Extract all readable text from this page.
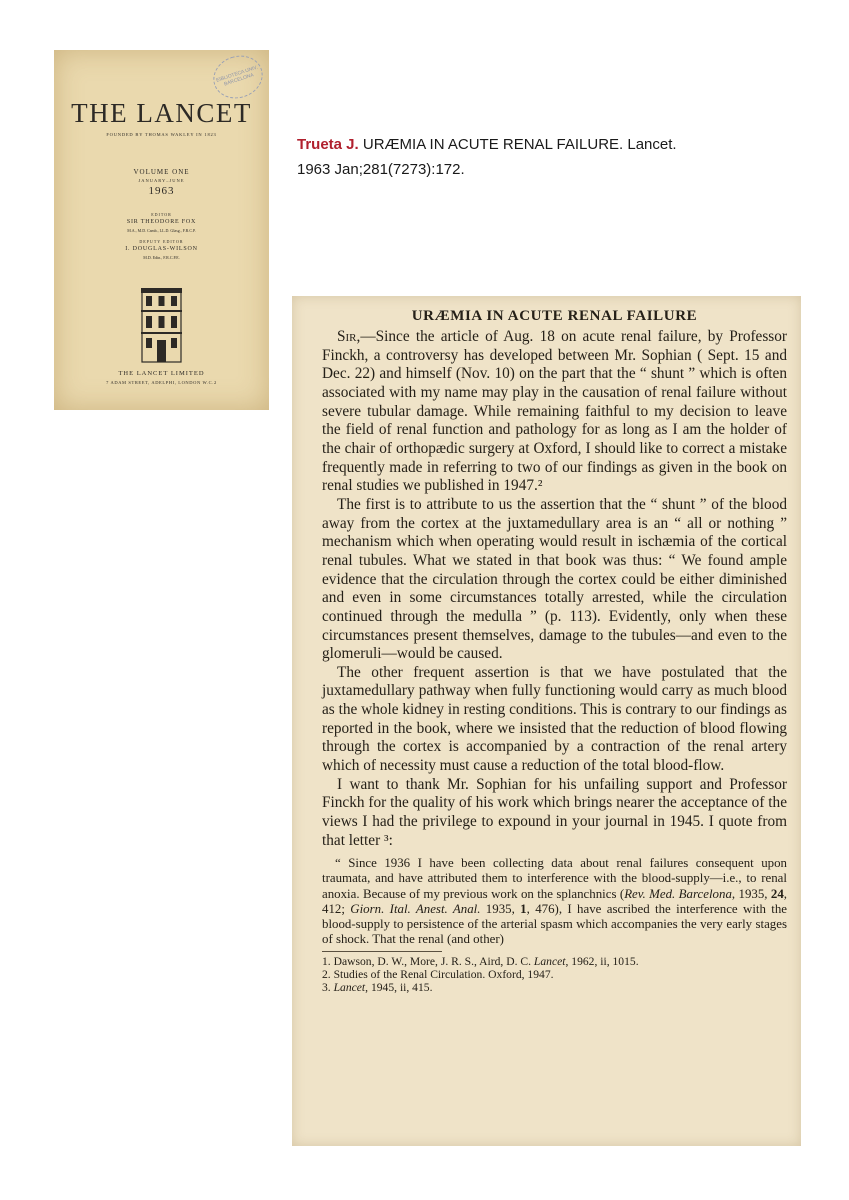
EIBLIOTECA UNIV. BARCELONA
THE LANCET
FOUNDED BY THOMAS WAKLEY IN 1823
VOLUME ONE
JANUARY–JUNE
1963
EDITOR
SIR THEODORE FOX
M.A., M.D. Camb., LL.D. Glasg., F.R.C.P.
DEPUTY EDITOR
I. DOUGLAS-WILSON
M.D. Edin., F.R.C.P.E.
THE LANCET LIMITED
7 ADAM STREET, ADELPHI, LONDON W.C.2
Trueta J. URÆMIA IN ACUTE RENAL FAILURE. Lancet.
1963 Jan;281(7273):172.
URÆMIA IN ACUTE RENAL FAILURE

Sir,—Since the article of Aug. 18 on acute renal failure, by Professor Finckh, a controversy has developed between Mr. Sophian ( Sept. 15 and Dec. 22) and himself (Nov. 10) on the part that the “ shunt ” which is often associated with my name may play in the causation of renal failure without severe tubular damage. While remaining faithful to my decision to leave the field of renal function and pathology for as long as I am the holder of the chair of orthopædic surgery at Oxford, I should like to correct a mistake frequently made in referring to two of our findings as given in the book on renal studies we published in 1947.²

The first is to attribute to us the assertion that the “ shunt ” of the blood away from the cortex at the juxtamedullary area is an “ all or nothing ” mechanism which when operating would result in ischæmia of the cortical renal tubules. What we stated in that book was thus: “ We found ample evidence that the circulation through the cortex could be either diminished and even in some circumstances totally arrested, while the circulation continued through the medulla ” (p. 113). Evidently, only when these circumstances present themselves, damage to the tubules—and even to the glomeruli—would be caused.

The other frequent assertion is that we have postulated that the juxtamedullary pathway when fully functioning would carry as much blood as the whole kidney in resting conditions. This is contrary to our findings as reported in the book, where we insisted that the reduction of blood flowing through the cortex is accompanied by a contraction of the renal artery which of necessity must cause a reduction of the total blood-flow.

I want to thank Mr. Sophian for his unfailing support and Professor Finckh for the quality of his work which brings nearer the acceptance of the views I had the privilege to expound in your journal in 1945. I quote from that letter ³:

“ Since 1936 I have been collecting data about renal failures consequent upon traumata, and have attributed them to interference with the blood-supply—i.e., to renal anoxia. Because of my previous work on the splanchnics (Rev. Med. Barcelona, 1935, 24, 412; Giorn. Ital. Anest. Anal. 1935, 1, 476), I have ascribed the interference with the blood-supply to persistence of the arterial spasm which accompanies the very early stages of shock. That the renal (and other)

1. Dawson, D. W., More, J. R. S., Aird, D. C. Lancet, 1962, ii, 1015.
2. Studies of the Renal Circulation. Oxford, 1947.
3. Lancet, 1945, ii, 415.
